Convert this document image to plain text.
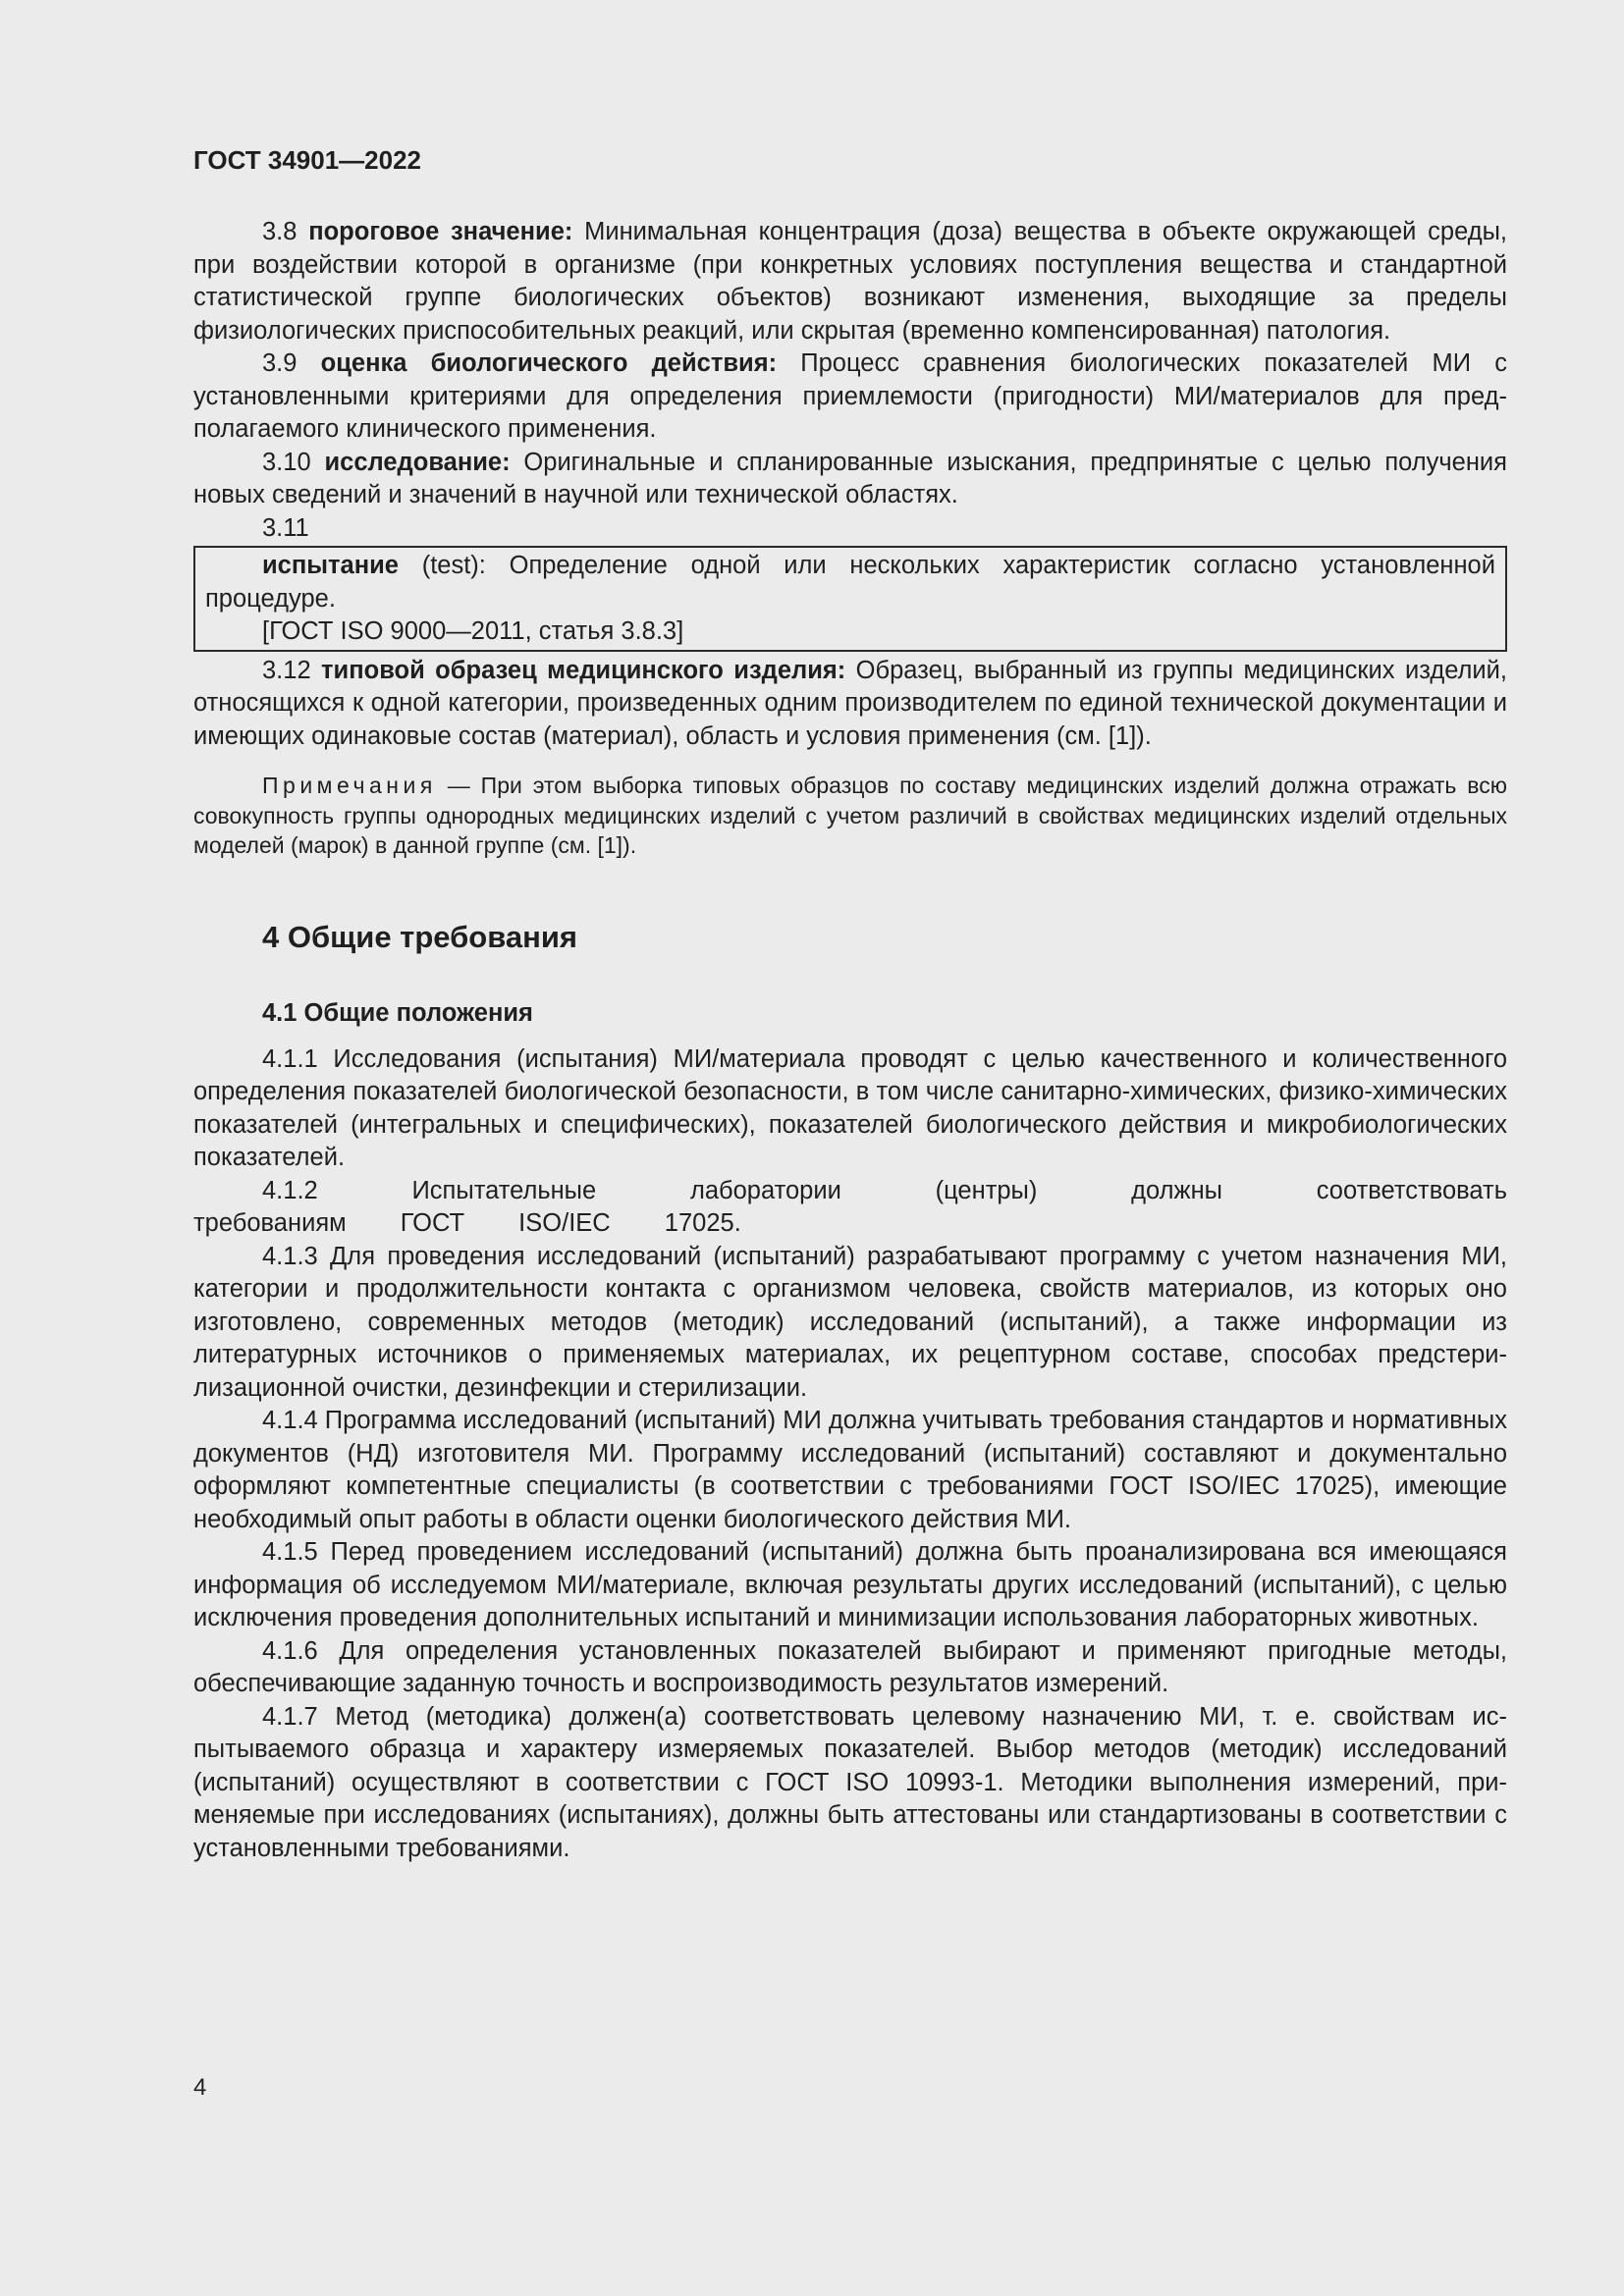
ГОСТ 34901—2022

3.8 пороговое значение: Минимальная концентрация (доза) вещества в объекте окружающей среды, при воздействии которой в организме (при конкретных условиях поступления вещества и стандартной статистической группе биологических объектов) возникают изменения, выходящие за пределы физиологических приспособительных реакций, или скрытая (временно компенсированная) патология.

3.9 оценка биологического действия: Процесс сравнения биологических показателей МИ с установленными критериями для определения приемлемости (пригодности) МИ/материалов для предполагаемого клинического применения.

3.10 исследование: Оригинальные и спланированные изыскания, предпринятые с целью получения новых сведений и значений в научной или технической областях.

3.11

испытание (test): Определение одной или нескольких характеристик согласно установленной процедуре.

[ГОСТ ISO 9000—2011, статья 3.8.3]

3.12 типовой образец медицинского изделия: Образец, выбранный из группы медицинских изделий, относящихся к одной категории, произведенных одним производителем по единой технической документации и имеющих одинаковые состав (материал), область и условия применения (см. [1]).

Примечания — При этом выборка типовых образцов по составу медицинских изделий должна отражать всю совокупность группы однородных медицинских изделий с учетом различий в свойствах медицинских изделий отдельных моделей (марок) в данной группе (см. [1]).

4 Общие требования
4.1 Общие положения

4.1.1 Исследования (испытания) МИ/материала проводят с целью качественного и количественного определения показателей биологической безопасности, в том числе санитарно-химических, физико-химических показателей (интегральных и специфических), показателей биологического действия и микробиологических показателей.

4.1.2 Испытательные лаборатории (центры) должны соответствовать требованиям ГОСТ ISO/IEC 17025.

4.1.3 Для проведения исследований (испытаний) разрабатывают программу с учетом назначения МИ, категории и продолжительности контакта с организмом человека, свойств материалов, из которых оно изготовлено, современных методов (методик) исследований (испытаний), а также информации из литературных источников о применяемых материалах, их рецептурном составе, способах предстерилизационной очистки, дезинфекции и стерилизации.

4.1.4 Программа исследований (испытаний) МИ должна учитывать требования стандартов и нормативных документов (НД) изготовителя МИ. Программу исследований (испытаний) составляют и документально оформляют компетентные специалисты (в соответствии с требованиями ГОСТ ISO/IEC 17025), имеющие необходимый опыт работы в области оценки биологического действия МИ.

4.1.5 Перед проведением исследований (испытаний) должна быть проанализирована вся имеющаяся информация об исследуемом МИ/материале, включая результаты других исследований (испытаний), с целью исключения проведения дополнительных испытаний и минимизации использования лабораторных животных.

4.1.6 Для определения установленных показателей выбирают и применяют пригодные методы, обеспечивающие заданную точность и воспроизводимость результатов измерений.

4.1.7 Метод (методика) должен(а) соответствовать целевому назначению МИ, т. е. свойствам испытываемого образца и характеру измеряемых показателей. Выбор методов (методик) исследований (испытаний) осуществляют в соответствии с ГОСТ ISO 10993-1. Методики выполнения измерений, применяемые при исследованиях (испытаниях), должны быть аттестованы или стандартизованы в соответствии с установленными требованиями.

4
